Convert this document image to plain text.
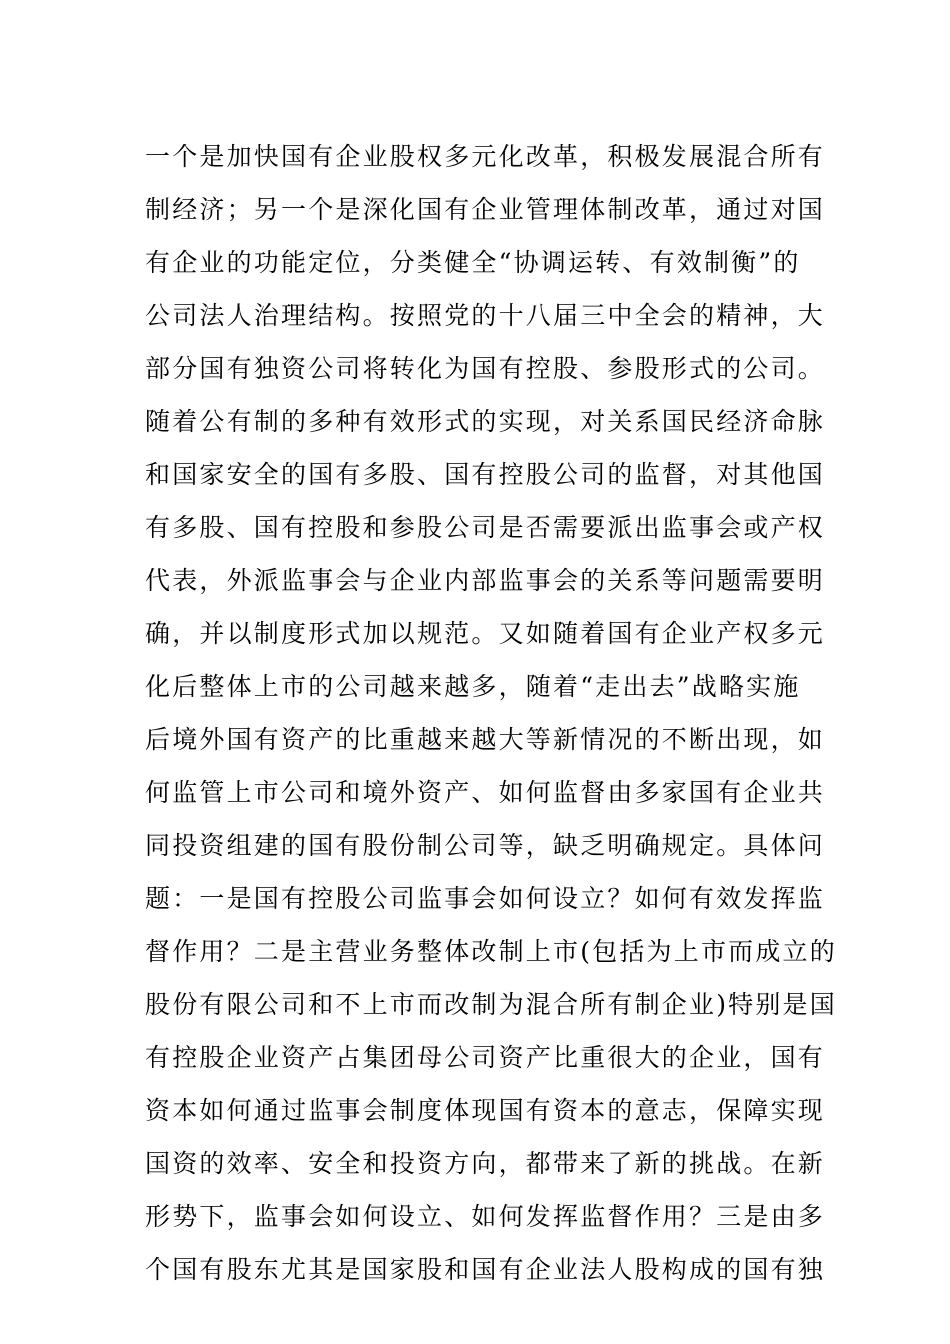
一个是加快国有企业股权多元化改革，积极发展混合所有
制经济；另一个是深化国有企业管理体制改革，通过对国
有企业的功能定位，分类健全“协调运转、有效制衡”的
公司法人治理结构。按照党的十八届三中全会的精神，大
部分国有独资公司将转化为国有控股、参股形式的公司。
随着公有制的多种有效形式的实现，对关系国民经济命脉
和国家安全的国有多股、国有控股公司的监督，对其他国
有多股、国有控股和参股公司是否需要派出监事会或产权
代表，外派监事会与企业内部监事会的关系等问题需要明
确，并以制度形式加以规范。又如随着国有企业产权多元
化后整体上市的公司越来越多，随着“走出去”战略实施
后境外国有资产的比重越来越大等新情况的不断出现，如
何监管上市公司和境外资产、如何监督由多家国有企业共
同投资组建的国有股份制公司等，缺乏明确规定。具体问
题：一是国有控股公司监事会如何设立？如何有效发挥监
督作用？二是主营业务整体改制上市(包括为上市而成立的
股份有限公司和不上市而改制为混合所有制企业)特别是国
有控股企业资产占集团母公司资产比重很大的企业，国有
资本如何通过监事会制度体现国有资本的意志，保障实现
国资的效率、安全和投资方向，都带来了新的挑战。在新
形势下，监事会如何设立、如何发挥监督作用？三是由多
个国有股东尤其是国家股和国有企业法人股构成的国有独
